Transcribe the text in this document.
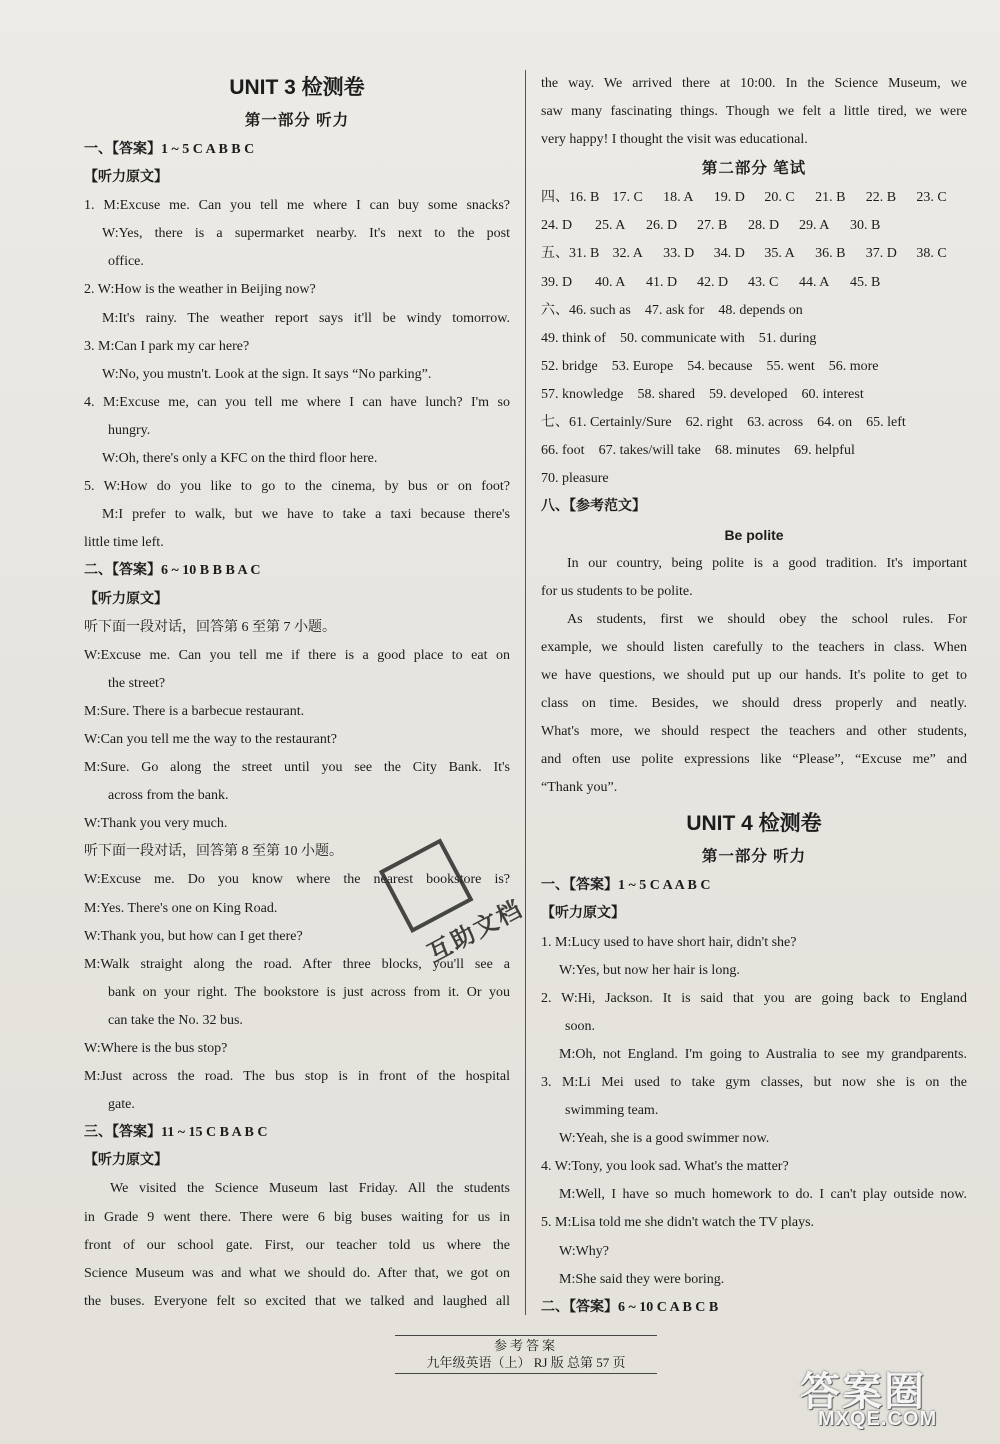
UNIT 3 检测卷
第一部分 听力
一、【答案】1 ~ 5 C A B B C
【听力原文】
1. M:Excuse me. Can you tell me where I can buy some snacks?
W:Yes, there is a supermarket nearby. It's next to the post
office.
2. W:How is the weather in Beijing now?
M:It's rainy. The weather report says it'll be windy tomorrow.
3. M:Can I park my car here?
W:No, you mustn't. Look at the sign. It says “No parking”.
4. M:Excuse me, can you tell me where I can have lunch? I'm so
hungry.
W:Oh, there's only a KFC on the third floor here.
5. W:How do you like to go to the cinema, by bus or on foot?
M:I prefer to walk, but we have to take a taxi because there's
little time left.
二、【答案】6 ~ 10 B B B A C
【听力原文】
听下面一段对话，回答第 6 至第 7 小题。
W:Excuse me. Can you tell me if there is a good place to eat on
the street?
M:Sure. There is a barbecue restaurant.
W:Can you tell me the way to the restaurant?
M:Sure. Go along the street until you see the City Bank. It's
across from the bank.
W:Thank you very much.
听下面一段对话，回答第 8 至第 10 小题。
W:Excuse me. Do you know where the nearest bookstore is?
M:Yes. There's one on King Road.
W:Thank you, but how can I get there?
M:Walk straight along the road. After three blocks, you'll see a
bank on your right. The bookstore is just across from it. Or you
can take the No. 32 bus.
W:Where is the bus stop?
M:Just across the road. The bus stop is in front of the hospital
gate.
三、【答案】11 ~ 15 C B A B C
【听力原文】
We visited the Science Museum last Friday. All the students
in Grade 9 went there. There were 6 big buses waiting for us in
front of our school gate. First, our teacher told us where the
Science Museum was and what we should do. After that, we got on
the buses. Everyone felt so excited that we talked and laughed all
the way. We arrived there at 10:00. In the Science Museum, we
saw many fascinating things. Though we felt a little tired, we were
very happy! I thought the visit was educational.
第二部分 笔试
四、16. B 17. C	18. A	19. D	20. C	21. B	22. B	23. C
24. D	25. A	26. D	27. B	28. D	29. A	30. B
五、31. B 32. A	33. D	34. D	35. A	36. B	37. D	38. C
39. D	40. A	41. D	42. D	43. C	44. A	45. B
六、46. such as 47. ask for 48. depends on
49. think of 50. communicate with 51. during
52. bridge 53. Europe 54. because 55. went 56. more
57. knowledge 58. shared 59. developed 60. interest
七、61. Certainly/Sure 62. right 63. across 64. on 65. left
66. foot 67. takes/will take 68. minutes 69. helpful
70. pleasure
八、【参考范文】
Be polite
In our country, being polite is a good tradition. It's important
for us students to be polite.
As students, first we should obey the school rules. For
example, we should listen carefully to the teachers in class. When
we have questions, we should put up our hands. It's polite to get to
class on time. Besides, we should dress properly and neatly.
What's more, we should respect the teachers and other students,
and often use polite expressions like “Please”, “Excuse me” and
“Thank you”.
UNIT 4 检测卷
第一部分 听力
一、【答案】1 ~ 5 C A A B C
【听力原文】
1. M:Lucy used to have short hair, didn't she?
W:Yes, but now her hair is long.
2. W:Hi, Jackson. It is said that you are going back to England
soon.
M:Oh, not England. I'm going to Australia to see my grandparents.
3. M:Li Mei used to take gym classes, but now she is on the
swimming team.
W:Yeah, she is a good swimmer now.
4. W:Tony, you look sad. What's the matter?
M:Well, I have so much homework to do. I can't play outside now.
5. M:Lisa told me she didn't watch the TV plays.
W:Why?
M:She said they were boring.
二、【答案】6 ~ 10 C A B C B
参考答案
九年级英语（上） RJ 版 总第 57 页
互助文档
答案圈
MXQE.COM
